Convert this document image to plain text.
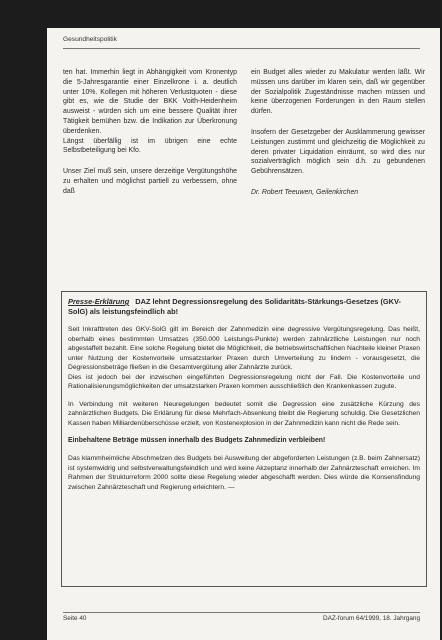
Gesundheitspolitik

ten hat. Immerhin liegt in Abhängigkeit vom Kronentyp die 5-Jahresgarantie einer Einzelkrone i. a. deutlich unter 10%. Kollegen mit höheren Verlustquoten - diese gibt es, wie die Studie der BKK Voith-Heidenheim ausweist - würden sich um eine bessere Qualität ihrer Tätigkeit bemühen bzw. die Indikation zur Überkronung überdenken.

Längst überfällig ist im übrigen eine echte Selbstbeteiligung bei Kfo.

Unser Ziel muß sein, unsere derzeitige Vergütungshöhe zu erhalten und möglichst partiell zu verbessern, ohne daß

ein Budget alles wieder zu Makulatur werden läßt. Wir müssen uns darüber im klaren sein, daß wir gegenüber der Sozialpolitik Zugeständnisse machen müssen und keine überzogenen Forderungen in den Raum stellen dürfen.

Insofern der Gesetzgeber der Ausklammerung gewisser Leistungen zustimmt und gleichzeitig die Möglichkeit zu deren privater Liquidation einräumt, so wird dies nur sozialverträglich möglich sein d.h. zu gebundenen Gebührensätzen.

Dr. Robert Teeuwen, Geilenkirchen

Presse-Erklärung DAZ lehnt Degressionsregelung des Solidaritäts-Stärkungs-Gesetzes (GKV-SolG) als leistungsfeindlich ab!

Seit Inkrafttreten des GKV-SolG gilt im Bereich der Zahnmedizin eine degressive Vergütungsregelung. Das heißt, oberhalb eines bestimmten Umsatzes (350.000 Leistungs-Punkte) werden zahnärztliche Leistungen nur noch abgestaffelt bezahlt. Eine solche Regelung bietet die Möglichkeit, die betriebswirtschaftlichen Nachteile kleiner Praxen unter Nutzung der Kostenvorteile umsatzstarker Praxen durch Umverteilung zu lindern - vorausgesetzt, die Degressionsbeträge fließen in die Gesamtvergütung aller Zahnärzte zurück.

Dies ist jedoch bei der inzwischen eingeführten Degressionsregelung nicht der Fall. Die Kostenvorteile und Rationalisierungsmöglichkeiten der umsatzstarken Praxen kommen ausschließlich den Krankenkassen zugute.

In Verbindung mit weiteren Neuregelungen bedeutet somit die Degression eine zusätzliche Kürzung des zahnärztlichen Budgets. Die Erklärung für diese Mehrfach-Absenkung bleibt die Regierung schuldig. Die Gesetzlichen Kassen haben Milliardenüberschüsse erzielt, von Kostenexplosion in der Zahnmedizin kann nicht die Rede sein.

Einbehaltene Beträge müssen innerhalb des Budgets Zahnmedizin verbleiben!

Das klammheimliche Abschmelzen des Budgets bei Ausweitung der abgeforderten Leistungen (z.B. beim Zahnersatz) ist systemwidrig und selbstverwaltungsfeindlich und wird keine Akzeptanz innerhalb der Zahnärzteschaft erreichen. Im Rahmen der Strukturreform 2000 sollte diese Regelung wieder abgeschafft werden. Dies würde die Konsensfindung zwischen Zahnärzteschaft und Regierung erleichtern. —

Seite 40	DAZ-forum 64/1999, 18. Jahrgang
